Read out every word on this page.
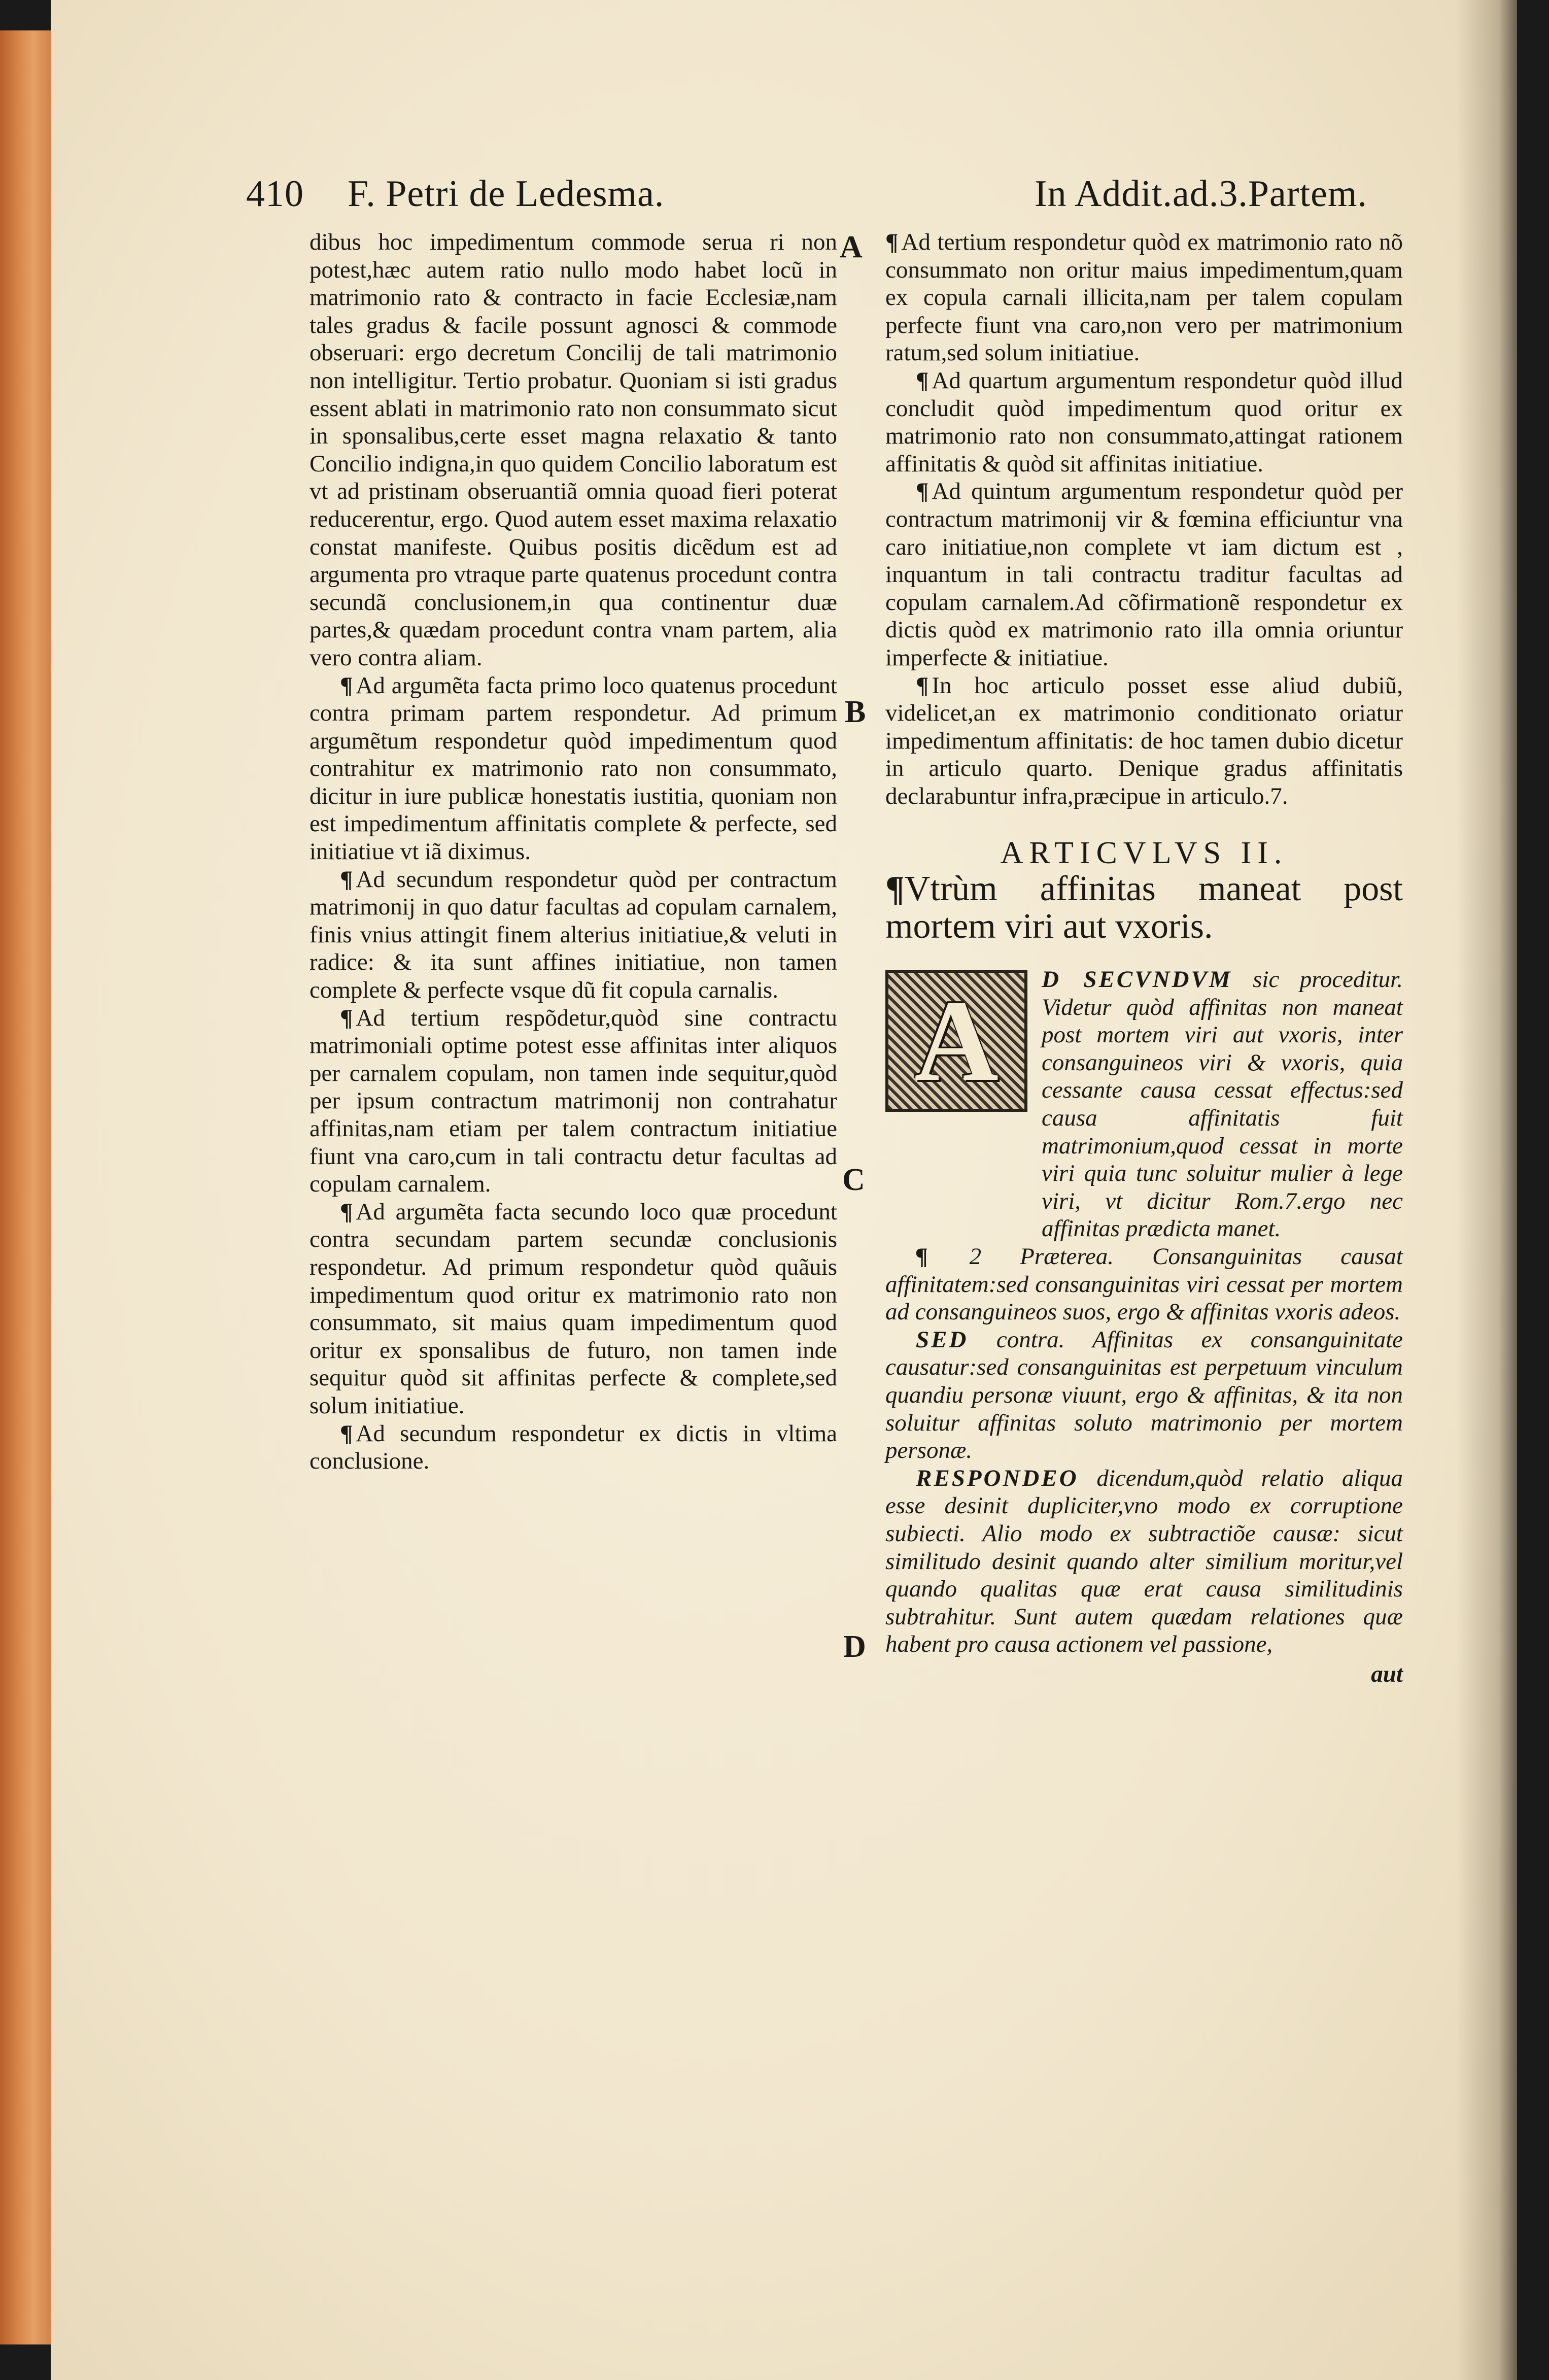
410 F. Petri de Ledesma.	In Addit.ad.3.Partem.
A
B
C
D

dibus hoc impedimentum commode serua ri non potest,hæc autem ratio nullo modo habet locũ in matrimonio rato & contracto in facie Ecclesiæ,nam tales gradus & facile possunt agnosci & commode obseruari: ergo decretum Concilij de tali matrimonio non intelligitur. Tertio probatur. Quoniam si isti gradus essent ablati in matrimonio rato non consummato sicut in sponsalibus,certe esset magna relaxatio & tanto Concilio indigna,in quo quidem Concilio laboratum est vt ad pristinam obseruantiã omnia quoad fieri poterat reducerentur, ergo. Quod autem esset maxima relaxatio constat manifeste. Quibus positis dicẽdum est ad argumenta pro vtraque parte quatenus procedunt contra secundã conclusionem,in qua continentur duæ partes,& quædam procedunt contra vnam partem, alia vero contra aliam.

¶ Ad argumẽta facta primo loco quatenus procedunt contra primam partem respondetur. Ad primum argumẽtum respondetur quòd impedimentum quod contrahitur ex matrimonio rato non consummato, dicitur in iure publicæ honestatis iustitia, quoniam non est impedimentum affinitatis complete & perfecte, sed initiatiue vt iã diximus.

¶ Ad secundum respondetur quòd per contractum matrimonij in quo datur facultas ad copulam carnalem, finis vnius attingit finem alterius initiatiue,& veluti in radice: & ita sunt affines initiatiue, non tamen complete & perfecte vsque dũ fit copula carnalis.

¶ Ad tertium respõdetur,quòd sine contractu matrimoniali optime potest esse affinitas inter aliquos per carnalem copulam, non tamen inde sequitur,quòd per ipsum contractum matrimonij non contrahatur affinitas,nam etiam per talem contractum initiatiue fiunt vna caro,cum in tali contractu detur facultas ad copulam carnalem.

¶ Ad argumẽta facta secundo loco quæ procedunt contra secundam partem secundæ conclusionis respondetur. Ad primum respondetur quòd quãuis impedimentum quod oritur ex matrimonio rato non consummato, sit maius quam impedimentum quod oritur ex sponsalibus de futuro, non tamen inde sequitur quòd sit affinitas perfecte & complete,sed solum initiatiue.

¶ Ad secundum respondetur ex dictis in vltima conclusione.

¶ Ad tertium respondetur quòd ex matrimonio rato nõ consummato non oritur maius impedimentum,quam ex copula carnali illicita,nam per talem copulam perfecte fiunt vna caro,non vero per matrimonium ratum,sed solum initiatiue.

¶ Ad quartum argumentum respondetur quòd illud concludit quòd impedimentum quod oritur ex matrimonio rato non consummato,attingat rationem affinitatis & quòd sit affinitas initiatiue.

¶ Ad quintum argumentum respondetur quòd per contractum matrimonij vir & fœmina efficiuntur vna caro initiatiue,non complete vt iam dictum est , inquantum in tali contractu traditur facultas ad copulam carnalem.Ad cõfirmationẽ respondetur ex dictis quòd ex matrimonio rato illa omnia oriuntur imperfecte & initiatiue.

¶ In hoc articulo posset esse aliud dubiũ, videlicet,an ex matrimonio conditionato oriatur impedimentum affinitatis: de hoc tamen dubio dicetur in articulo quarto. Denique gradus affinitatis declarabuntur infra,præcipue in articulo.7.

ARTICVLVS II.

¶Vtrùm affinitas maneat post mortem viri aut vxoris.

A	D SECVNDVM sic proceditur. Videtur quòd affinitas non maneat post mortem viri aut vxoris, inter consanguineos viri & vxoris, quia cessante causa cessat effectus:sed causa affinitatis fuit matrimonium,quod cessat in morte viri quia tunc soluitur mulier à lege viri, vt dicitur Rom.7.ergo nec affinitas prædicta manet.

¶ 2 Præterea. Consanguinitas causat affinitatem:sed consanguinitas viri cessat per mortem ad consanguineos suos, ergo & affinitas vxoris adeos.

SED contra. Affinitas ex consanguinitate causatur:sed consanguinitas est perpetuum vinculum quandiu personæ viuunt, ergo & affinitas, & ita non soluitur affinitas soluto matrimonio per mortem personæ.

RESPONDEO dicendum,quòd relatio aliqua esse desinit dupliciter,vno modo ex corruptione subiecti. Alio modo ex subtractiõe causæ: sicut similitudo desinit quando alter similium moritur,vel quando qualitas quæ erat causa similitudinis subtrahitur. Sunt autem quædam relationes quæ habent pro causa actionem vel passione,

aut
